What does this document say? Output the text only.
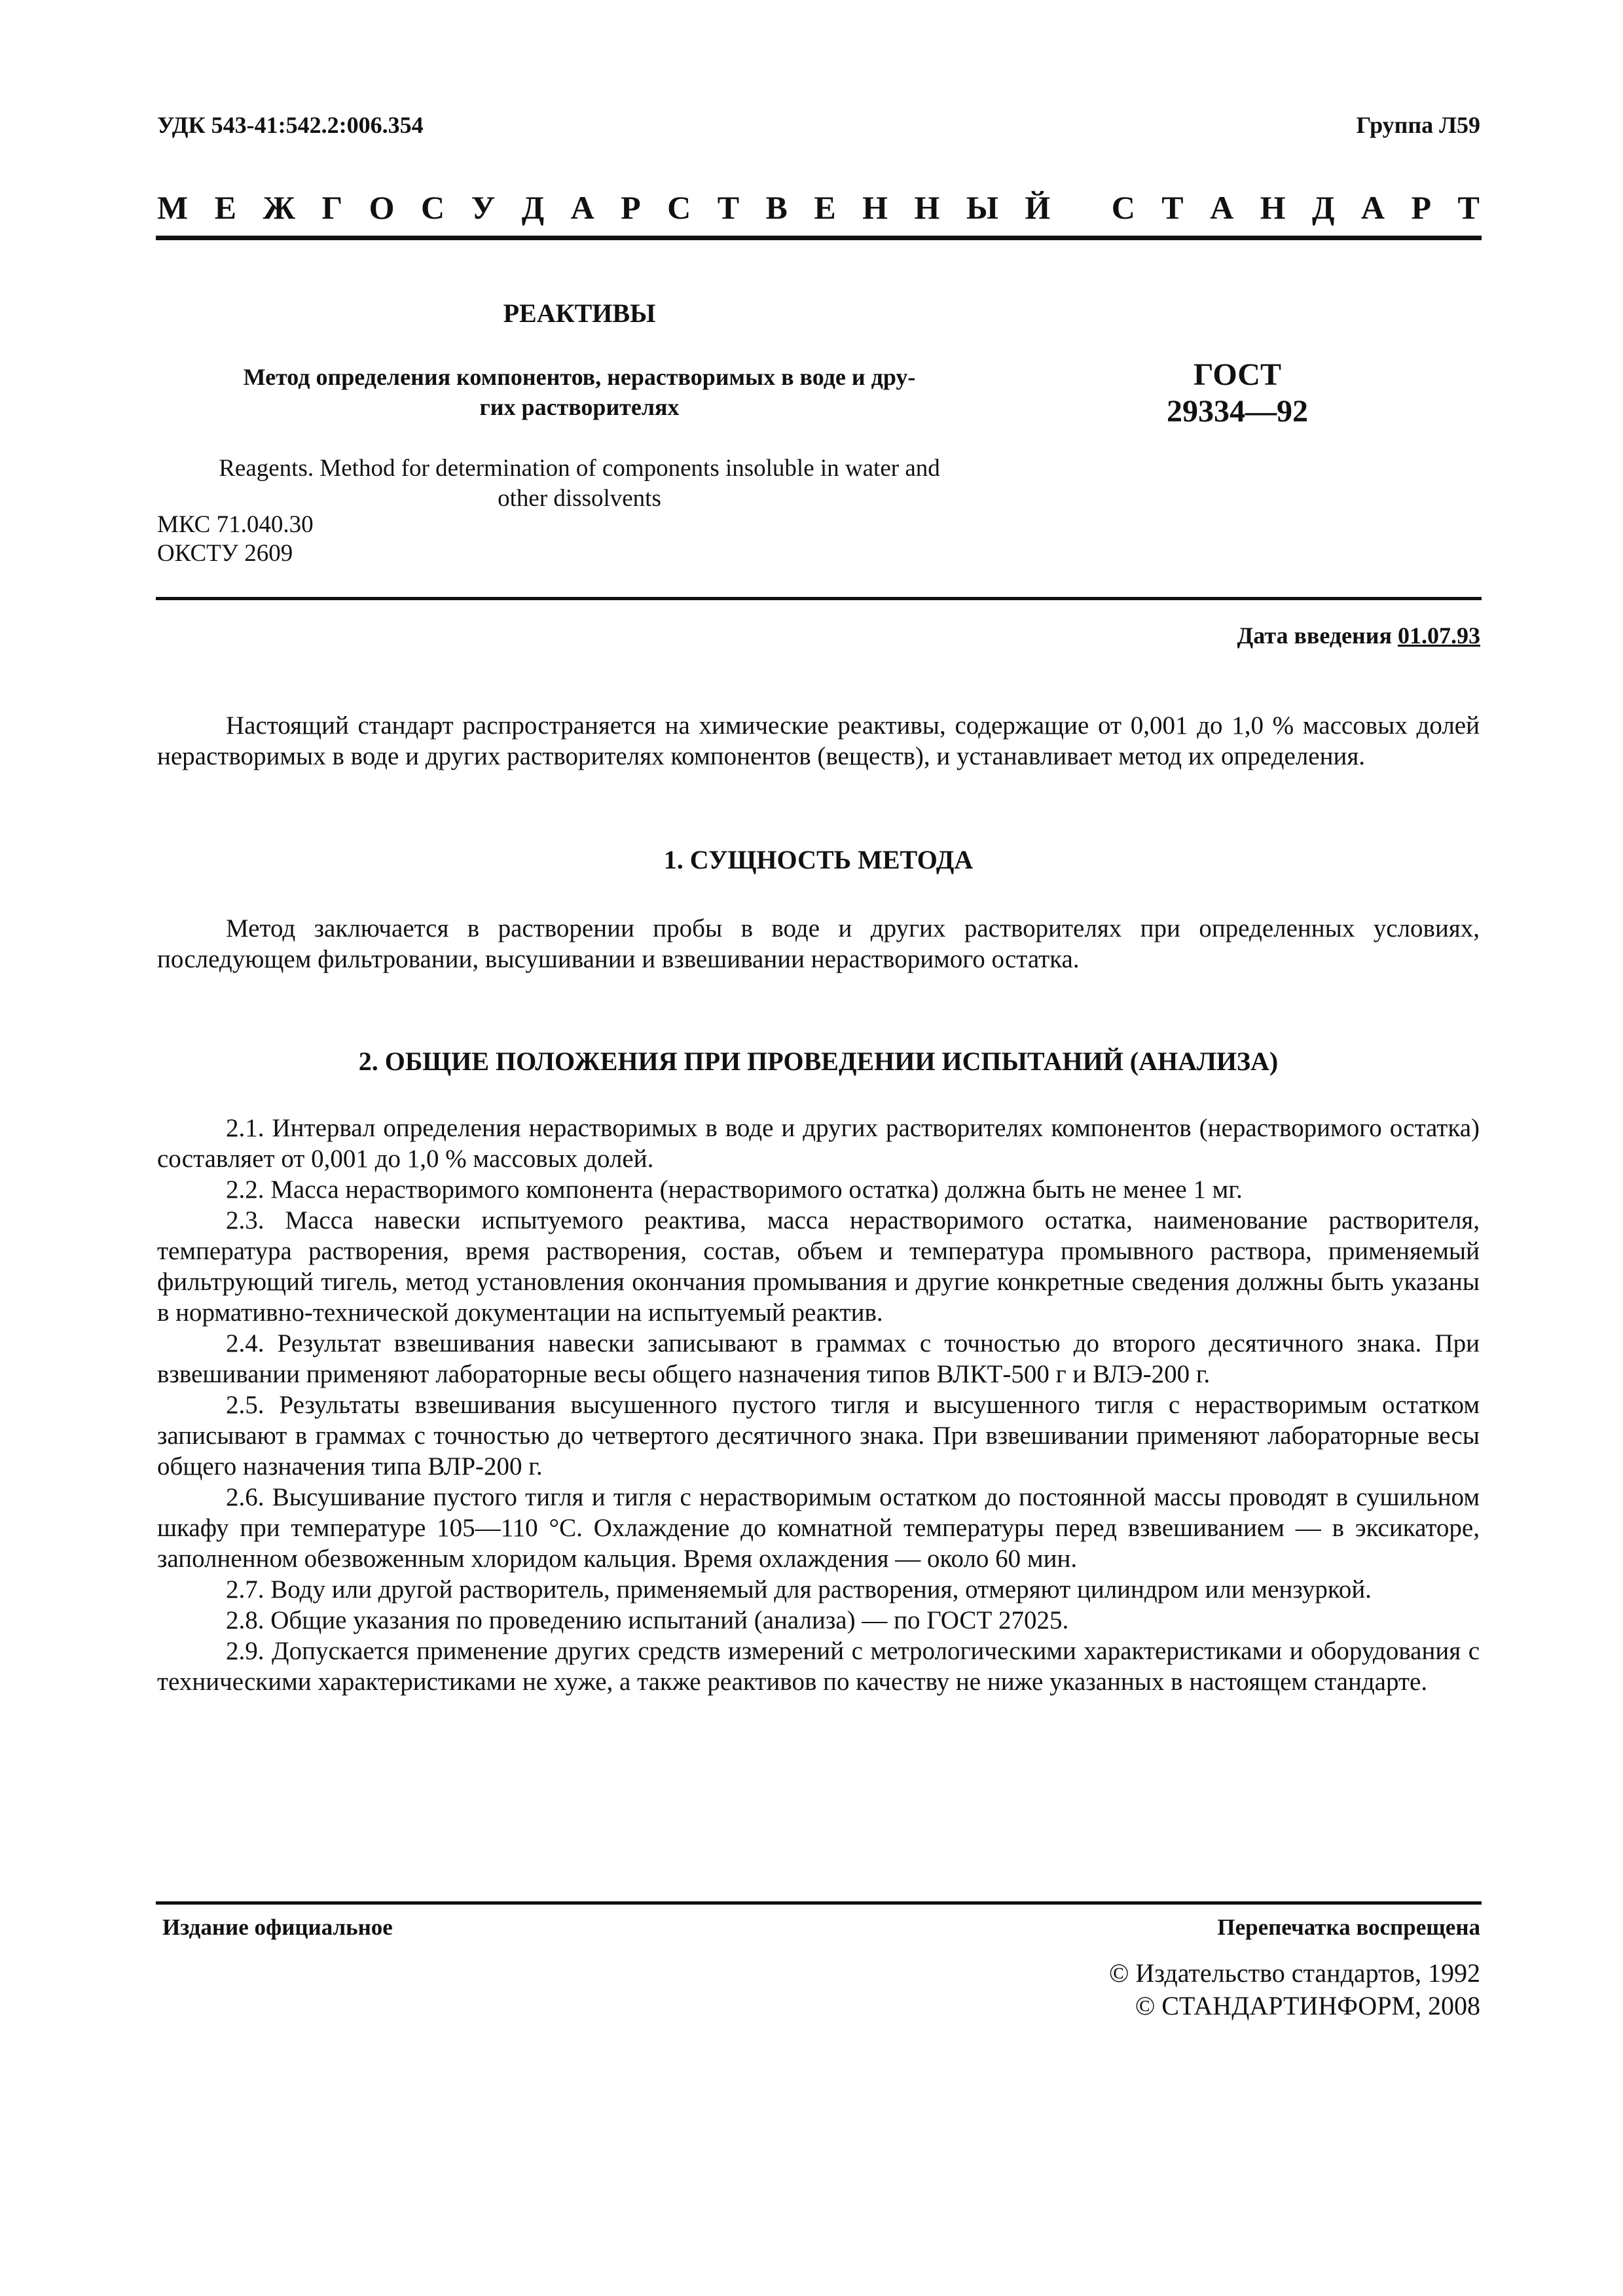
УДК 543-41:542.2:006.354	Группа Л59
М Е Ж Г О С У Д А Р С Т В Е Н Н Ы Й
С Т А Н Д А Р Т
РЕАКТИВЫ
Метод определения компонентов, нерастворимых в воде и дру-
гих растворителях
Reagents. Method for determination of components insoluble in water and
other dissolvents
ГОСТ
29334—92
МКС 71.040.30
ОКСТУ 2609
Дата введения 01.07.93

Настоящий стандарт распространяется на химические реактивы, содержащие от 0,001 до 1,0 % массовых долей нерастворимых в воде и других растворителях компонентов (веществ), и устанавливает метод их определения.

1. СУЩНОСТЬ МЕТОДА

Метод заключается в растворении пробы в воде и других растворителях при определенных условиях, последующем фильтровании, высушивании и взвешивании нерастворимого остатка.

2. ОБЩИЕ ПОЛОЖЕНИЯ ПРИ ПРОВЕДЕНИИ ИСПЫТАНИЙ (АНАЛИЗА)

2.1. Интервал определения нерастворимых в воде и других растворителях компонентов (нерастворимого остатка) составляет от 0,001 до 1,0 % массовых долей.

2.2. Масса нерастворимого компонента (нерастворимого остатка) должна быть не менее 1 мг.

2.3. Масса навески испытуемого реактива, масса нерастворимого остатка, наименование растворителя, температура растворения, время растворения, состав, объем и температура промывного раствора, применяемый фильтрующий тигель, метод установления окончания промывания и другие конкретные сведения должны быть указаны в нормативно-технической документации на испытуемый реактив.

2.4. Результат взвешивания навески записывают в граммах с точностью до второго десятичного знака. При взвешивании применяют лабораторные весы общего назначения типов ВЛКТ-500 г и ВЛЭ-200 г.

2.5. Результаты взвешивания высушенного пустого тигля и высушенного тигля с нерастворимым остатком записывают в граммах с точностью до четвертого десятичного знака. При взвешивании применяют лабораторные весы общего назначения типа ВЛР-200 г.

2.6. Высушивание пустого тигля и тигля с нерастворимым остатком до постоянной массы проводят в сушильном шкафу при температуре 105—110 °С. Охлаждение до комнатной температуры перед взвешиванием — в эксикаторе, заполненном обезвоженным хлоридом кальция. Время охлаждения — около 60 мин.

2.7. Воду или другой растворитель, применяемый для растворения, отмеряют цилиндром или мензуркой.

2.8. Общие указания по проведению испытаний (анализа) — по ГОСТ 27025.

2.9. Допускается применение других средств измерений с метрологическими характеристиками и оборудования с техническими характеристиками не хуже, а также реактивов по качеству не ниже указанных в настоящем стандарте.

Издание официальное	Перепечатка воспрещена
© Издательство стандартов, 1992
© СТАНДАРТИНФОРМ, 2008
